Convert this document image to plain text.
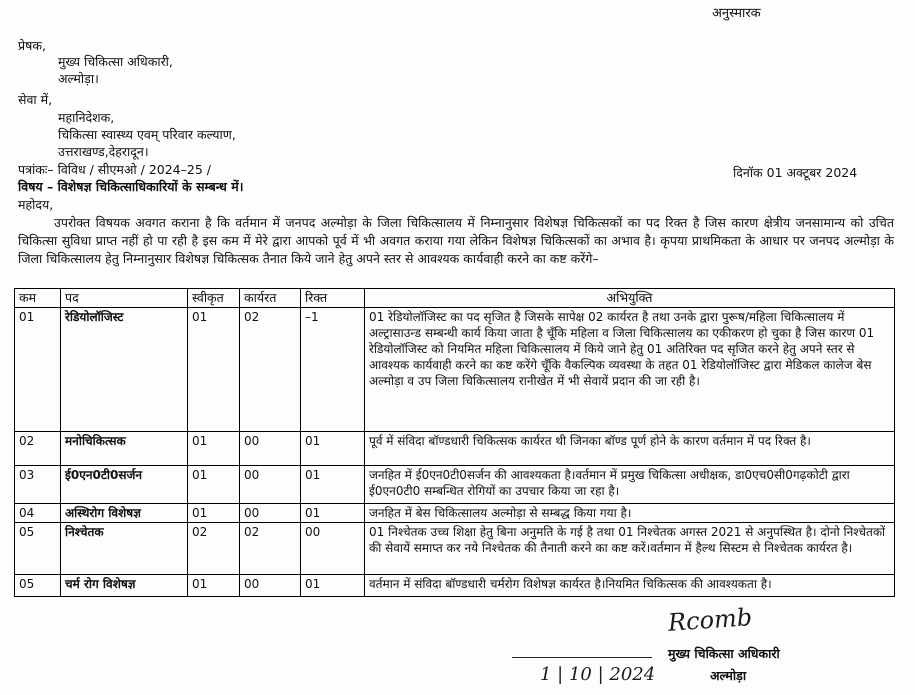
अनुस्मारक
प्रेषक,
मुख्य चिकित्सा अधिकारी,
अल्मोड़ा।
सेवा में,
महानिदेशक,
चिकित्सा स्वास्थ्य एवम् परिवार कल्याण,
उत्तराखण्ड,देहरादून।
पत्रांकः– विविध / सीएमओ / 2024–25 /	दिनॉक 01 अक्टूबर 2024
विषय – विशेषज्ञ चिकित्साधिकारियों के सम्बन्ध में।
महोदय,
उपरोक्त विषयक अवगत कराना है कि वर्तमान में जनपद अल्मोड़ा के जिला चिकित्सालय में निम्नानुसार विशेषज्ञ चिकित्सकों का पद रिक्त है जिस कारण क्षेत्रीय जनसामान्य को उचित चिकित्सा सुविधा प्राप्त नहीं हो पा रही है इस कम में मेरे द्वारा आपको पूर्व में भी अवगत कराया गया लेकिन विशेषज्ञ चिकित्सकों का अभाव है। कृपया प्राथमिकता के आधार पर जनपद अल्मोड़ा के जिला चिकित्सालय हेतु निम्नानुसार विशेषज्ञ चिकित्सक तैनात किये जाने हेतु अपने स्तर से आवश्यक कार्यवाही करने का कष्ट करेंगे–
कम	पद	स्वीकृत	कार्यरत	रिक्त	अभियुक्ति
01	रेडियोलॉजिस्ट	01	02	–1	01 रेडियोलॉजिस्ट का पद सृजित है जिसके सापेक्ष 02 कार्यरत है तथा उनके द्वारा पुरूष/महिला चिकित्सालय में अल्ट्रासाउन्ड सम्बन्धी कार्य किया जाता है चूँकि महिला व जिला चिकित्सालय का एकीकरण हो चुका है जिस कारण 01 रेडियोलॉजिस्ट को नियमित महिला चिकित्सालय में किये जाने हेतु 01 अतिरिक्त पद सृजित करने हेतु अपने स्तर से आवश्यक कार्यवाही करने का कष्ट करेंगे चूँकि वैकल्पिक व्यवस्था के तहत 01 रेडियोलॉजिस्ट द्वारा मेडिकल कालेज बेस अल्मोड़ा व उप जिला चिकित्सालय रानीखेत में भी सेवायें प्रदान की जा रही है।
02	मनोचिकित्सक	01	00	01	पूर्व में संविदा बॉण्डधारी चिकित्सक कार्यरत थी जिनका बॉण्ड पूर्ण होने के कारण वर्तमान में पद रिक्त है।
03	ई0एन0टी0सर्जन	01	00	01	जनहित में ई0एन0टी0सर्जन की आवश्यकता है।वर्तमान में प्रमुख चिकित्सा अधीक्षक, डा0एच0सी0गढ़कोटी द्वारा ई0एन0टी0 सम्बन्धित रोगियों का उपचार किया जा रहा है।
04	अस्थिरोग विशेषज्ञ	01	00	01	जनहित में बेस चिकित्सालय अल्मोड़ा से सम्बद्ध किया गया है।
05	निश्चेतक	02	02	00	01 निश्चेतक उच्च शिक्षा हेतु बिना अनुमति के गई है तथा 01 निश्चेतक अगस्त 2021 से अनुपस्थित है। दोनो निश्चेतकों की सेवायें समाप्त कर नये निश्चेतक की तैनाती करने का कष्ट करें।वर्तमान में हैल्थ सिस्टम से निश्चेतक कार्यरत है।
05	चर्म रोग विशेषज्ञ	01	00	01	वर्तमान में संविदा बॉण्डधारी चर्मरोग विशेषज्ञ कार्यरत है।नियमित चिकित्सक की आवश्यकता है।
Rcomb
मुख्य चिकित्सा अधिकारी
1 | 10 | 2024	अल्मोड़ा
